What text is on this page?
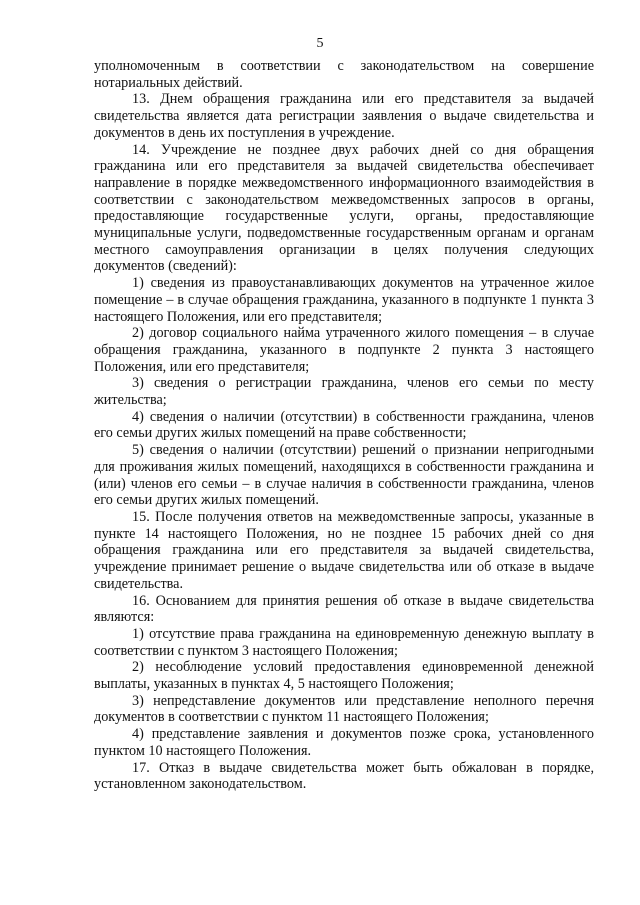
5

уполномоченным в соответствии с законодательством на совершение нотариальных действий.

13. Днем обращения гражданина или его представителя за выдачей свидетельства является дата регистрации заявления о выдаче свидетельства и документов в день их поступления в учреждение.

14. Учреждение не позднее двух рабочих дней со дня обращения гражданина или его представителя за выдачей свидетельства обеспечивает направление в порядке межведомственного информационного взаимодействия в соответствии с законодательством межведомственных запросов в органы, предоставляющие государственные услуги, органы, предоставляющие муниципальные услуги, подведомственные государственным органам и органам местного самоуправления организации в целях получения следующих документов (сведений):

1) сведения из правоустанавливающих документов на утраченное жилое помещение – в случае обращения гражданина, указанного в подпункте 1 пункта 3 настоящего Положения, или его представителя;

2) договор социального найма утраченного жилого помещения – в случае обращения гражданина, указанного в подпункте 2 пункта 3 настоящего Положения, или его представителя;

3) сведения о регистрации гражданина, членов его семьи по месту жительства;

4) сведения о наличии (отсутствии) в собственности гражданина, членов его семьи других жилых помещений на праве собственности;

5) сведения о наличии (отсутствии) решений о признании непригодными для проживания жилых помещений, находящихся в собственности гражданина и (или) членов его семьи – в случае наличия в собственности гражданина, членов его семьи других жилых помещений.

15. После получения ответов на межведомственные запросы, указанные в пункте 14 настоящего Положения, но не позднее 15 рабочих дней со дня обращения гражданина или его представителя за выдачей свидетельства, учреждение принимает решение о выдаче свидетельства или об отказе в выдаче свидетельства.

16. Основанием для принятия решения об отказе в выдаче свидетельства являются:

1) отсутствие права гражданина на единовременную денежную выплату в соответствии с пунктом 3 настоящего Положения;

2) несоблюдение условий предоставления единовременной денежной выплаты, указанных в пунктах 4, 5 настоящего Положения;

3) непредставление документов или представление неполного перечня документов в соответствии с пунктом 11 настоящего Положения;

4) представление заявления и документов позже срока, установленного пунктом 10 настоящего Положения.

17. Отказ в выдаче свидетельства может быть обжалован в порядке, установленном законодательством.
